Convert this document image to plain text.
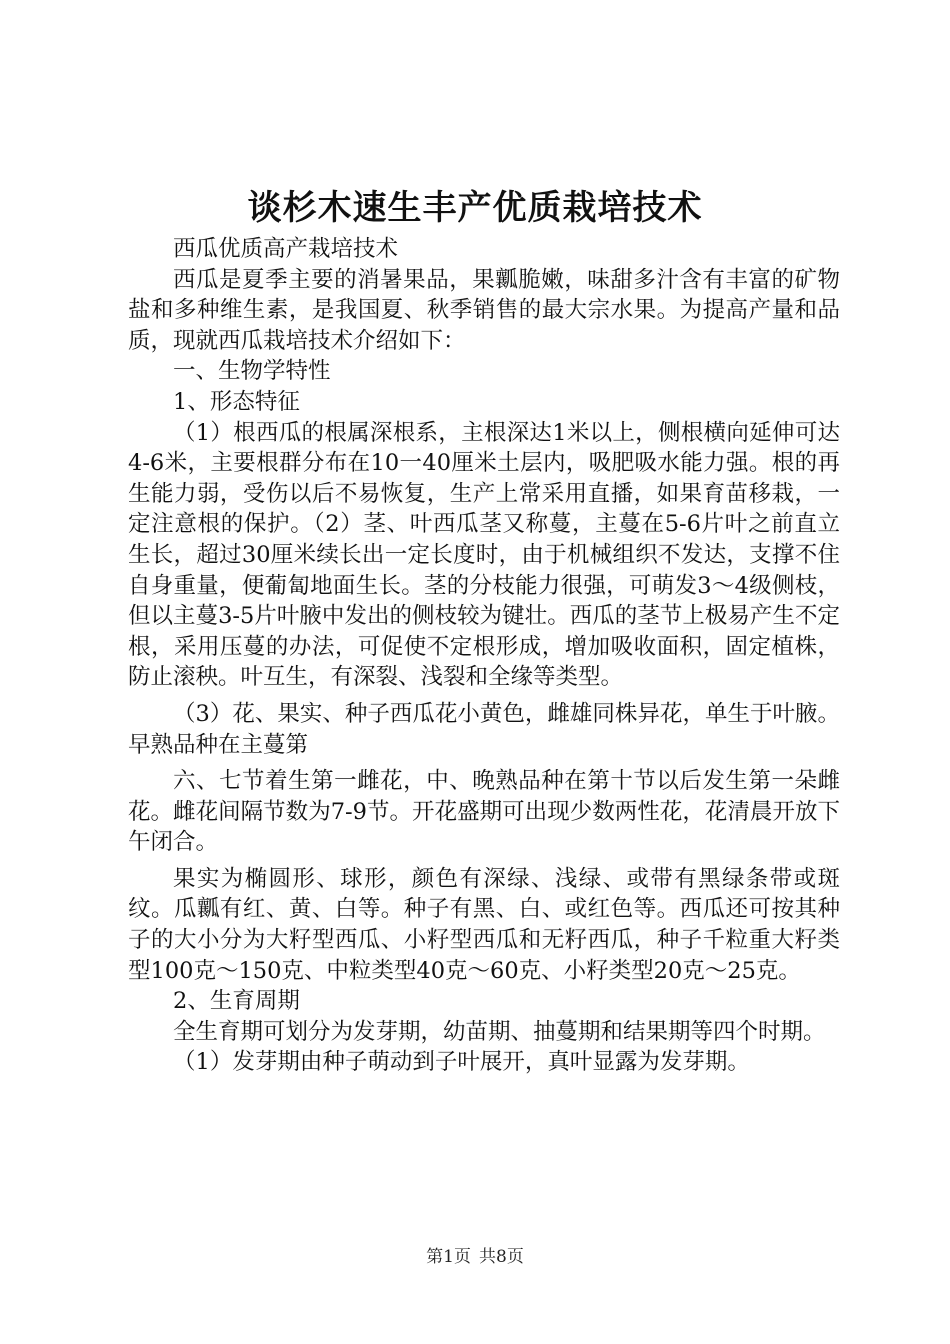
谈杉木速生丰产优质栽培技术

西瓜优质高产栽培技术

西瓜是夏季主要的消暑果品，果瓤脆嫩，味甜多汁含有丰富的矿物盐和多种维生素，是我国夏、秋季销售的最大宗水果。为提高产量和品质，现就西瓜栽培技术介绍如下：

一、生物学特性

1、形态特征

（1）根西瓜的根属深根系，主根深达1米以上，侧根横向延伸可达4-6米，主要根群分布在10一40厘米土层内，吸肥吸水能力强。根的再生能力弱，受伤以后不易恢复，生产上常采用直播，如果育苗移栽，一定注意根的保护。（2）茎、叶西瓜茎又称蔓，主蔓在5-6片叶之前直立生长，超过30厘米续长出一定长度时，由于机械组织不发达，支撑不住自身重量，便葡匐地面生长。茎的分枝能力很强，可萌发3～4级侧枝，但以主蔓3-5片叶腋中发出的侧枝较为键壮。西瓜的茎节上极易产生不定根，采用压蔓的办法，可促使不定根形成，增加吸收面积，固定植株，防止滚秧。叶互生，有深裂、浅裂和全缘等类型。

（3）花、果实、种子西瓜花小黄色，雌雄同株异花，单生于叶腋。早熟品种在主蔓第

六、七节着生第一雌花，中、晚熟品种在第十节以后发生第一朵雌花。雌花间隔节数为7-9节。开花盛期可出现少数两性花，花清晨开放下午闭合。

果实为椭圆形、球形，颜色有深绿、浅绿、或带有黑绿条带或斑纹。瓜瓤有红、黄、白等。种子有黑、白、或红色等。西瓜还可按其种子的大小分为大籽型西瓜、小籽型西瓜和无籽西瓜，种子千粒重大籽类型100克～150克、中粒类型40克～60克、小籽类型20克～25克。

2、生育周期

全生育期可划分为发芽期，幼苗期、抽蔓期和结果期等四个时期。

（1）发芽期由种子萌动到子叶展开，真叶显露为发芽期。

第1页 共8页
